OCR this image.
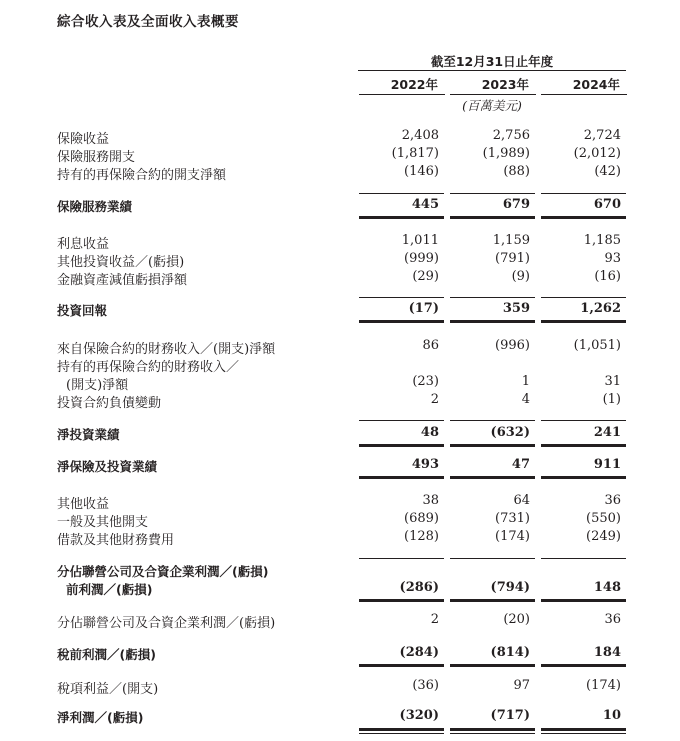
綜合收入表及全面收入表概要
截至12月31日止年度
2022年	2023年	2024年
(百萬美元)
保險收益	2,408	2,756	2,724
保險服務開支	(1,817)	(1,989)	(2,012)
持有的再保險合約的開支淨額	(146)	(88)	(42)
保險服務業績	445	679	670
利息收益	1,011	1,159	1,185
其他投資收益／(虧損)	(999)	(791)	93
金融資產減值虧損淨額	(29)	(9)	(16)
投資回報	(17)	359	1,262
來自保險合約的財務收入／(開支)淨額	86	(996)	(1,051)
持有的再保險合約的財務收入／
(開支)淨額	(23)	1	31
投資合約負債變動	2	4	(1)
淨投資業績	48	(632)	241
淨保險及投資業績	493	47	911
其他收益	38	64	36
一般及其他開支	(689)	(731)	(550)
借款及其他財務費用	(128)	(174)	(249)
分佔聯營公司及合資企業利潤／(虧損)
前利潤／(虧損)	(286)	(794)	148
分佔聯營公司及合資企業利潤／(虧損)	2	(20)	36
稅前利潤／(虧損)	(284)	(814)	184
稅項利益／(開支)	(36)	97	(174)
淨利潤／(虧損)	(320)	(717)	10
